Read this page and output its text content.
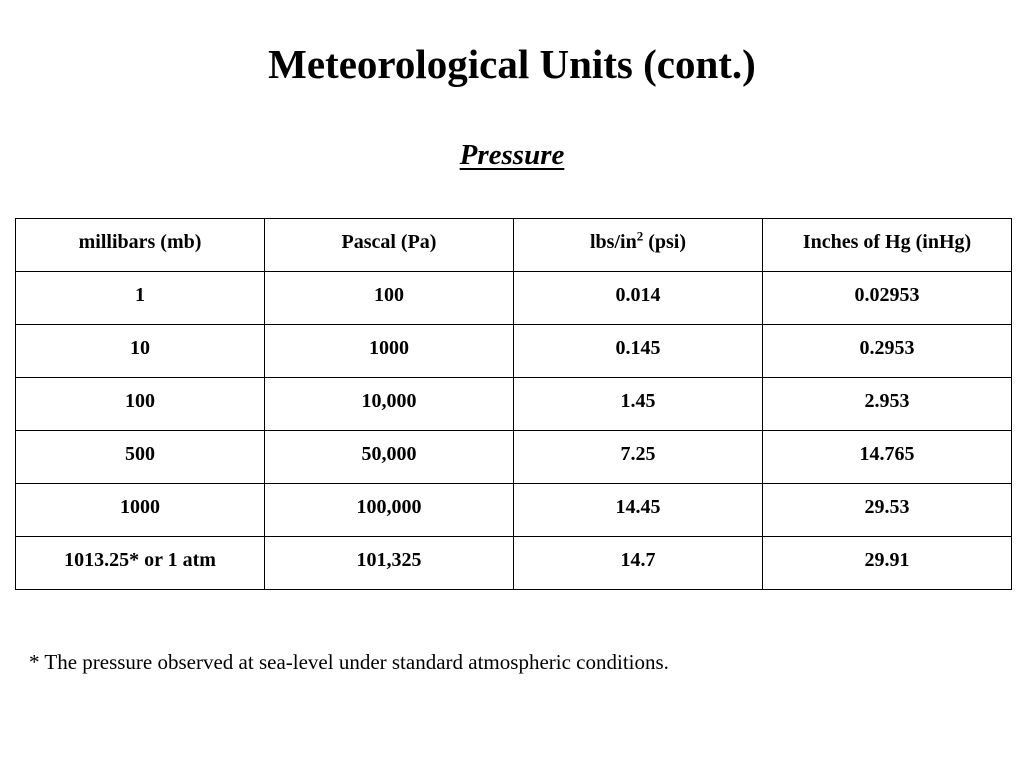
Meteorological Units (cont.)
Pressure
millibars (mb)	Pascal (Pa)	lbs/$in^2$ (psi)	Inches of Hg (inHg)
1	100	0.014	0.02953
10	1000	0.145	0.2953
100	10,000	1.45	2.953
500	50,000	7.25	14.765
1000	100,000	14.45	29.53
1013.25* or 1 atm	101,325	14.7	29.91

* The pressure observed at sea-level under standard atmospheric conditions.
